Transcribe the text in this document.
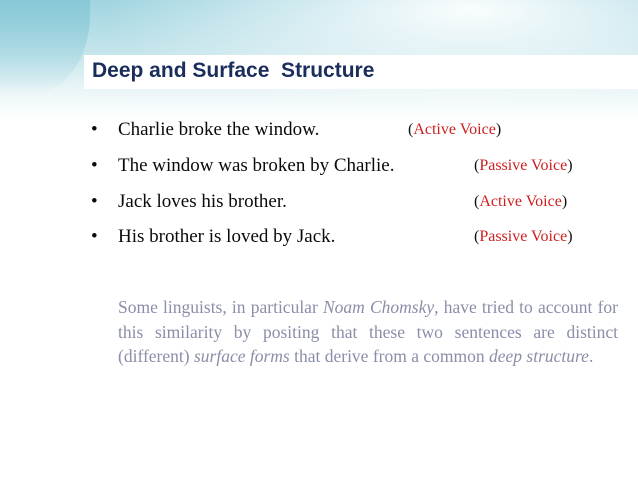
Deep and Surface  Structure
• Charlie broke the window.	(Active Voice)
• The window was broken by Charlie.	(Passive Voice)
• Jack loves his brother.	(Active Voice)
• His brother is loved by Jack.	(Passive Voice)

Some linguists, in particular Noam Chomsky, have tried to account for this similarity by positing that these two sentences are distinct (different) surface forms that derive from a common deep structure.
